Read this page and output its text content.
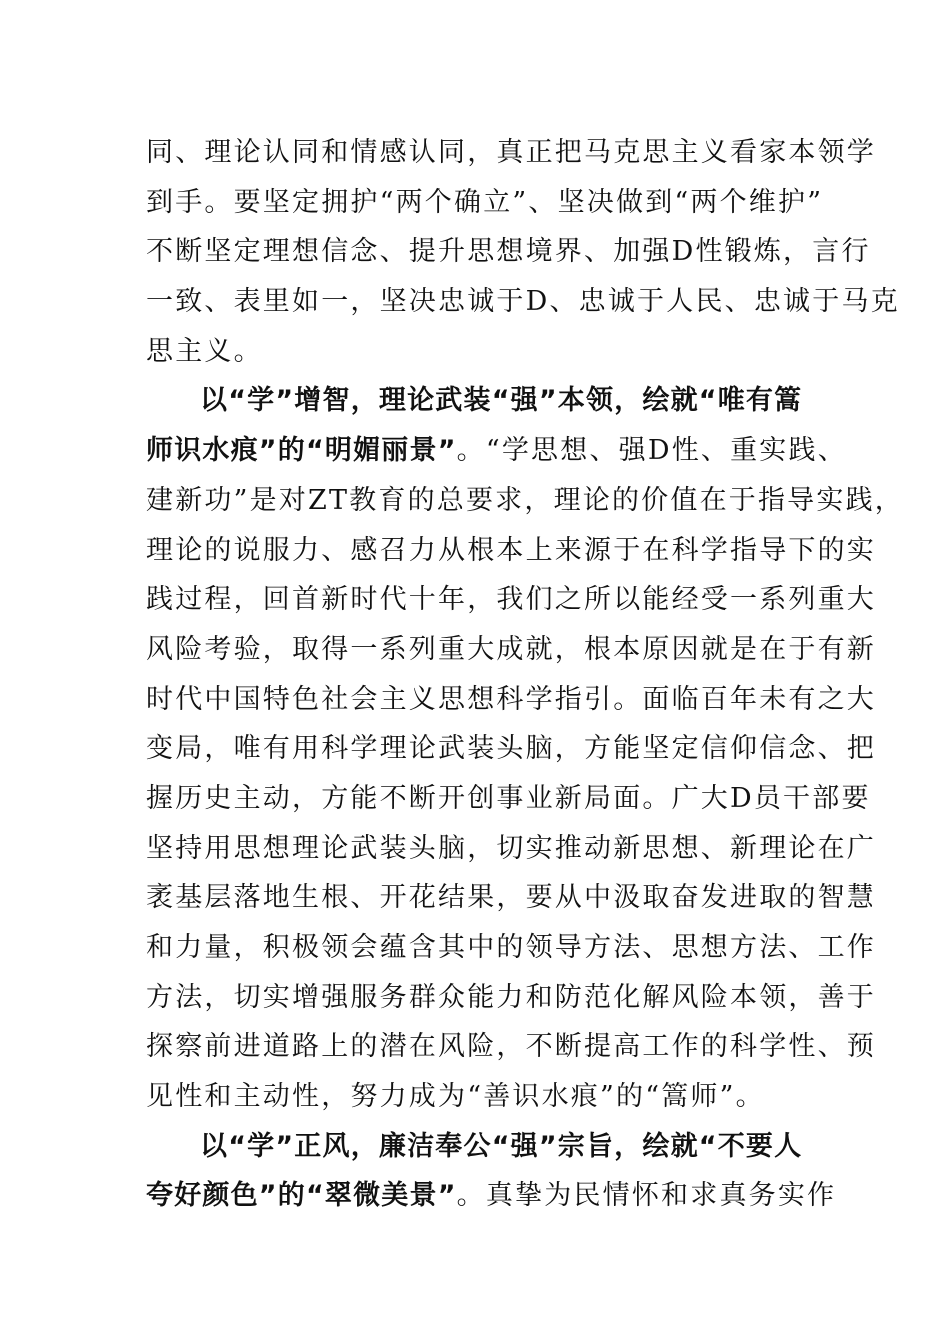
同、理论认同和情感认同，真正把马克思主义看家本领学
到手。要坚定拥护“两个确立”、坚决做到“两个维护”
不断坚定理想信念、提升思想境界、加强D性锻炼，言行
一致、表里如一，坚决忠诚于D、忠诚于人民、忠诚于马克
思主义。
以“学”增智，理论武装“强”本领，绘就“唯有篙
师识水痕”的“明媚丽景”。“学思想、强D性、重实践、
建新功”是对ZT教育的总要求，理论的价值在于指导实践，
理论的说服力、感召力从根本上来源于在科学指导下的实
践过程，回首新时代十年，我们之所以能经受一系列重大
风险考验，取得一系列重大成就，根本原因就是在于有新
时代中国特色社会主义思想科学指引。面临百年未有之大
变局，唯有用科学理论武装头脑，方能坚定信仰信念、把
握历史主动，方能不断开创事业新局面。广大D员干部要
坚持用思想理论武装头脑，切实推动新思想、新理论在广
袤基层落地生根、开花结果，要从中汲取奋发进取的智慧
和力量，积极领会蕴含其中的领导方法、思想方法、工作
方法，切实增强服务群众能力和防范化解风险本领，善于
探察前进道路上的潜在风险，不断提高工作的科学性、预
见性和主动性，努力成为“善识水痕”的“篙师”。
以“学”正风，廉洁奉公“强”宗旨，绘就“不要人
夸好颜色”的“翠微美景”。真挚为民情怀和求真务实作
